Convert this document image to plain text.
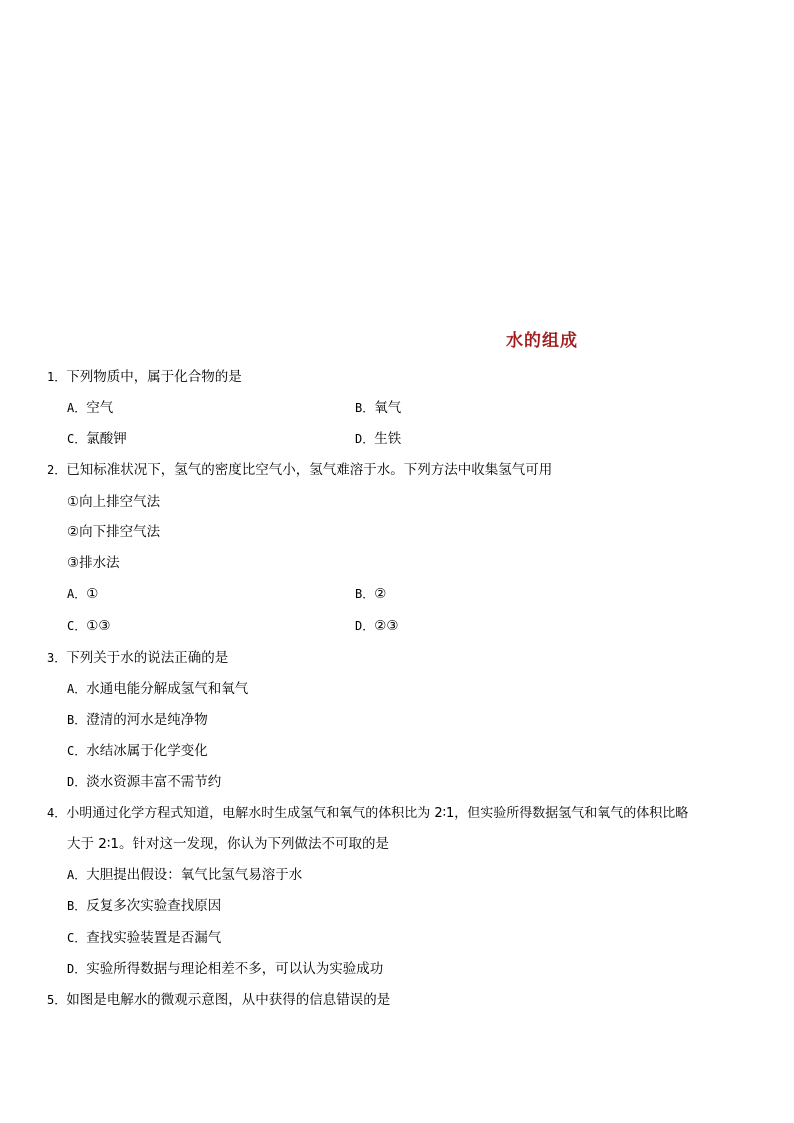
水的组成
1．下列物质中，属于化合物的是
A．空气	B．氧气
C．氯酸钾	D．生铁
2．已知标准状况下，氢气的密度比空气小，氢气难溶于水。下列方法中收集氢气可用
①向上排空气法
②向下排空气法
③排水法
A．①	B．②
C．①③	D．②③
3．下列关于水的说法正确的是
A．水通电能分解成氢气和氧气
B．澄清的河水是纯净物
C．水结冰属于化学变化
D．淡水资源丰富不需节约
4．小明通过化学方程式知道，电解水时生成氢气和氧气的体积比为 2∶1，但实验所得数据氢气和氧气的体积比略
大于 2∶1。针对这一发现，你认为下列做法不可取的是
A．大胆提出假设：氧气比氢气易溶于水
B．反复多次实验查找原因
C．查找实验装置是否漏气
D．实验所得数据与理论相差不多，可以认为实验成功
5．如图是电解水的微观示意图，从中获得的信息错误的是
